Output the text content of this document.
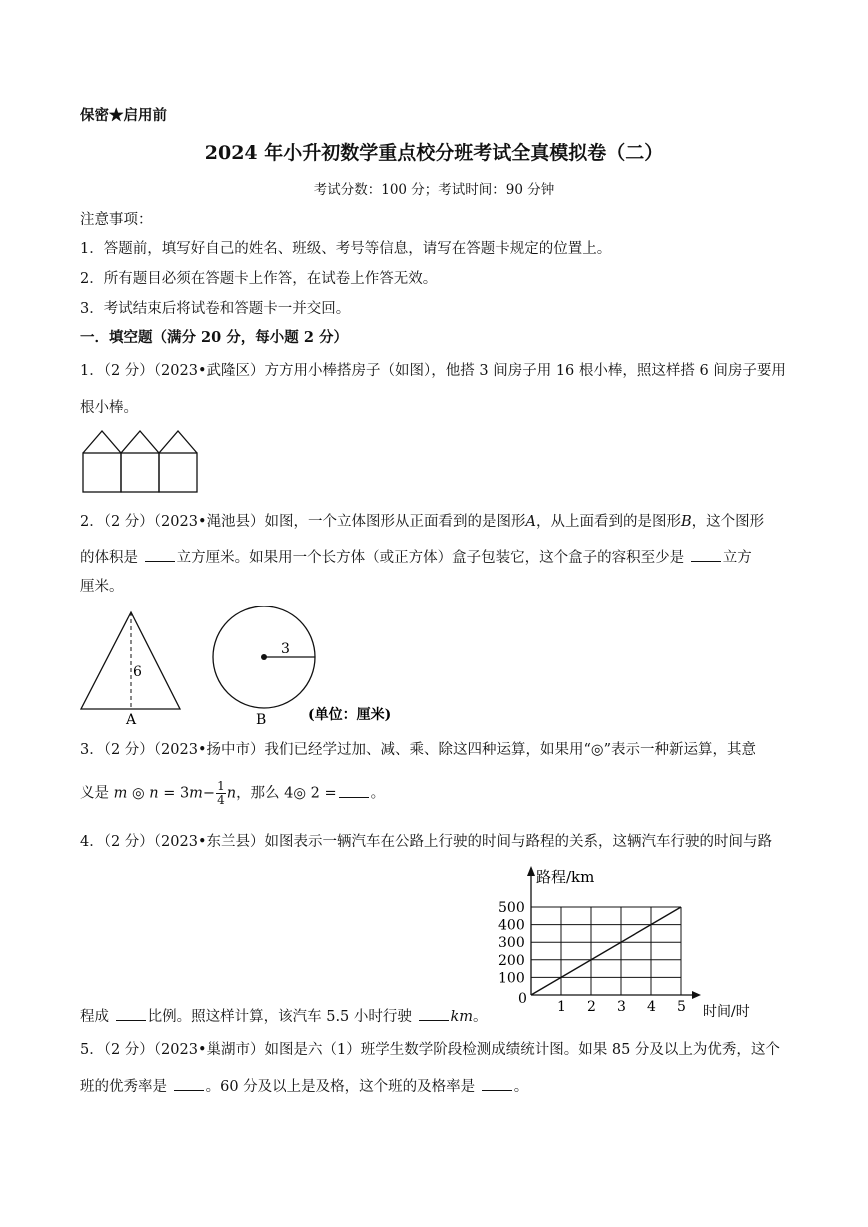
保密★启用前
2024 年小升初数学重点校分班考试全真模拟卷（二）
考试分数：100 分；考试时间：90 分钟
注意事项：
1．答题前，填写好自己的姓名、班级、考号等信息，请写在答题卡规定的位置上。
2．所有题目必须在答题卡上作答，在试卷上作答无效。
3．考试结束后将试卷和答题卡一并交回。
一．填空题（满分 20 分，每小题 2 分）
1．（2 分）（2023•武隆区）方方用小棒搭房子（如图），他搭 3 间房子用 16 根小棒，照这样搭 6 间房子要用
根小棒。
2．（2 分）（2023•渑池县）如图，一个立体图形从正面看到的是图形A，从上面看到的是图形B，这个图形
的体积是	立方厘米。如果用一个长方体（或正方体）盒子包装它，这个盒子的容积至少是	立方
厘米。
6
A
3
B	(单位：厘米)
3．（2 分）（2023•扬中市）我们已经学过加、减、乘、除这四种运算，如果用“◎”表示一种新运算，其意
义是 m ◎ $n = 3m- \frac{1}{4}$ n，那么 4◎ 2 = 。
4．（2 分）（2023•东兰县）如图表示一辆汽车在公路上行驶的时间与路程的关系，这辆汽车行驶的时间与路
1 2 3 4 5
100
200
300
400
500
路程/km
时间/时
0
程成	比例。照这样计算，该汽车 5.5 小时行驶	km。
5．（2 分）（2023•巢湖市）如图是六（1）班学生数学阶段检测成绩统计图。如果 85 分及以上为优秀，这个
班的优秀率是	。60 分及以上是及格，这个班的及格率是	。
